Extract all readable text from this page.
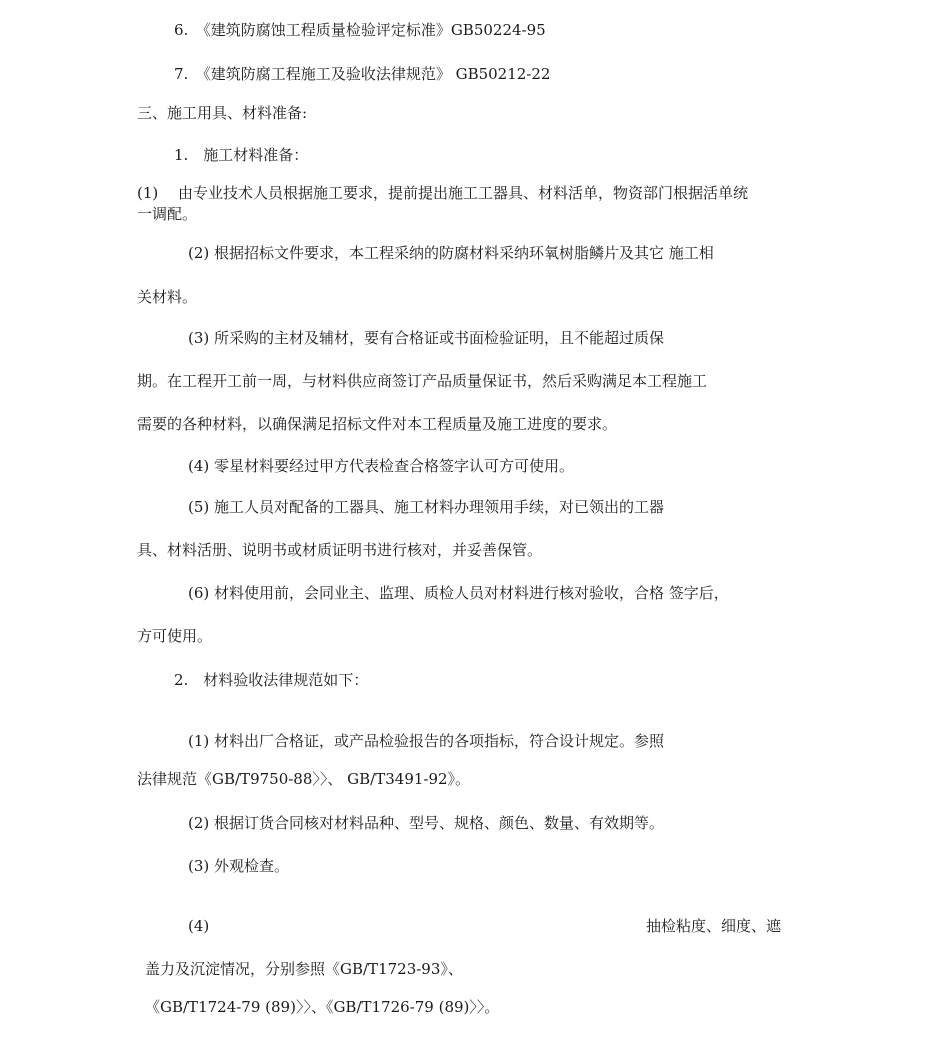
6.　《建筑防腐蚀工程质量检验评定标准》GB50224-95

7.　《建筑防腐工程施工及验收法律规范》 GB50212-22

三、施工用具、材料准备:

1.　施工材料准备：

(1)　 由专业技术人员根据施工要求，提前提出施工工器具、材料活单，物资部门根据活单统

一调配。

(2) 根据招标文件要求，本工程采纳的防腐材料采纳环氧树脂鳞片及其它 施工相

关材料。

(3) 所采购的主材及辅材，要有合格证或书面检验证明，且不能超过质保

期。在工程开工前一周，与材料供应商签订产品质量保证书，然后采购满足本工程施工

需要的各种材料，以确保满足招标文件对本工程质量及施工进度的要求。

(4) 零星材料要经过甲方代表检查合格签字认可方可使用。

(5) 施工人员对配备的工器具、施工材料办理领用手续，对已领出的工器

具、材料活册、说明书或材质证明书进行核对，并妥善保管。

(6) 材料使用前，会同业主、监理、质检人员对材料进行核对验收，合格 签字后，

方可使用。

2.　材料验收法律规范如下：

(1) 材料出厂合格证，或产品检验报告的各项指标，符合设计规定。参照

法律规范《GB/T9750-88〉〉、 GB/T3491-92》。

(2) 根据订货合同核对材料品种、型号、规格、颜色、数量、有效期等。

(3) 外观检查。

(4)	抽检粘度、细度、遮

盖力及沉淀情况，分别参照《GB/T1723-93》、

《GB/T1724-79 (89)〉〉、《GB/T1726-79 (89)〉〉。
